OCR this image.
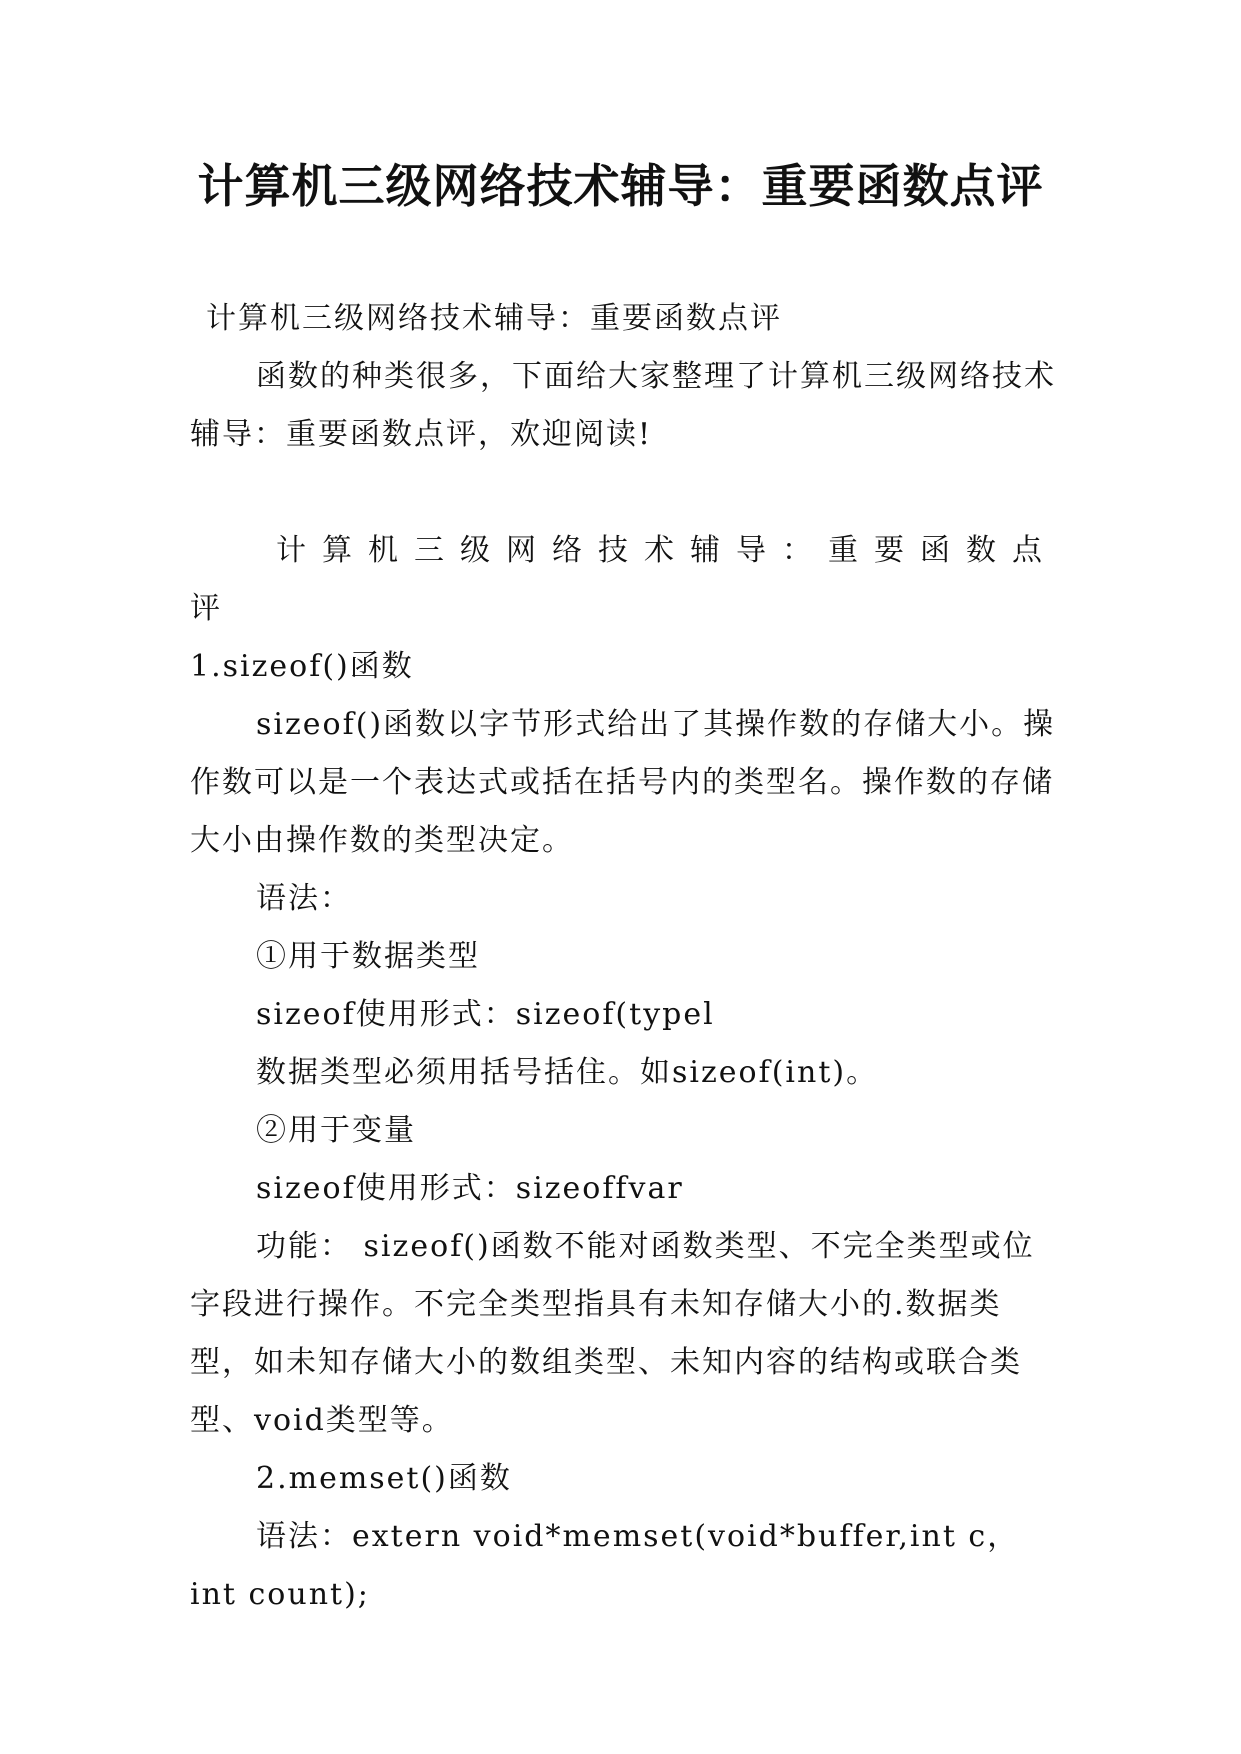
计算机三级网络技术辅导：重要函数点评

计算机三级网络技术辅导：重要函数点评

函数的种类很多，下面给大家整理了计算机三级网络技术辅导：重要函数点评，欢迎阅读!

计算机三级网络技术辅导：重要函数点评

1.sizeof()函数

sizeof()函数以字节形式给出了其操作数的存储大小。操作数可以是一个表达式或括在括号内的类型名。操作数的存储大小由操作数的类型决定。

语法：

①用于数据类型

sizeof使用形式：sizeof(typel

数据类型必须用括号括住。如sizeof(int)。

②用于变量

sizeof使用形式：sizeoffvar

功能： sizeof()函数不能对函数类型、不完全类型或位字段进行操作。不完全类型指具有未知存储大小的.数据类型，如未知存储大小的数组类型、未知内容的结构或联合类型、void类型等。

2.memset()函数

语法：extern void*memset(void*buffer,int c，int count);
